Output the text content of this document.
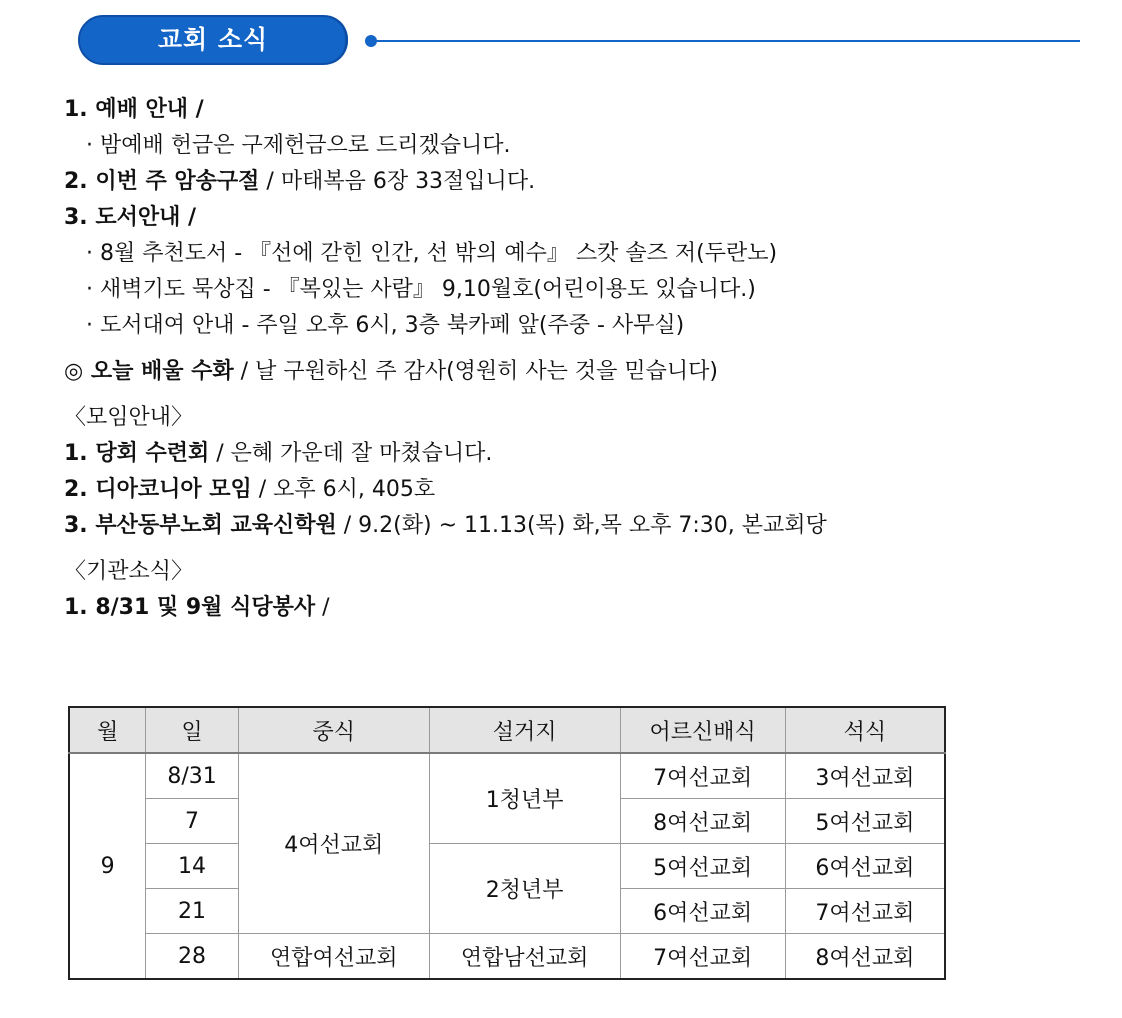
교회 소식
1. 예배 안내 /
· 밤예배 헌금은 구제헌금으로 드리겠습니다.
2. 이번 주 암송구절 / 마태복음 6장 33절입니다.
3. 도서안내 /
· 8월 추천도서 - 『선에 갇힌 인간, 선 밖의 예수』 스캇 솔즈 저(두란노)
· 새벽기도 묵상집 - 『복있는 사람』 9,10월호(어린이용도 있습니다.)
· 도서대여 안내 - 주일 오후 6시, 3층 북카페 앞(주중 - 사무실)
◎ 오늘 배울 수화 / 날 구원하신 주 감사(영원히 사는 것을 믿습니다)
〈모임안내〉
1. 당회 수련회 / 은혜 가운데 잘 마쳤습니다.
2. 디아코니아 모임 / 오후 6시, 405호
3. 부산동부노회 교육신학원 / 9.2(화) ~ 11.13(목) 화,목 오후 7:30, 본교회당
〈기관소식〉
1. 8/31 및 9월 식당봉사 /
월	일	중식	설거지	어르신배식	석식
9	8/31	4여선교회	1청년부	7여선교회	3여선교회
	7			8여선교회	5여선교회
	14		2청년부	5여선교회	6여선교회
	21			6여선교회	7여선교회
	28	연합여선교회	연합남선교회	7여선교회	8여선교회
